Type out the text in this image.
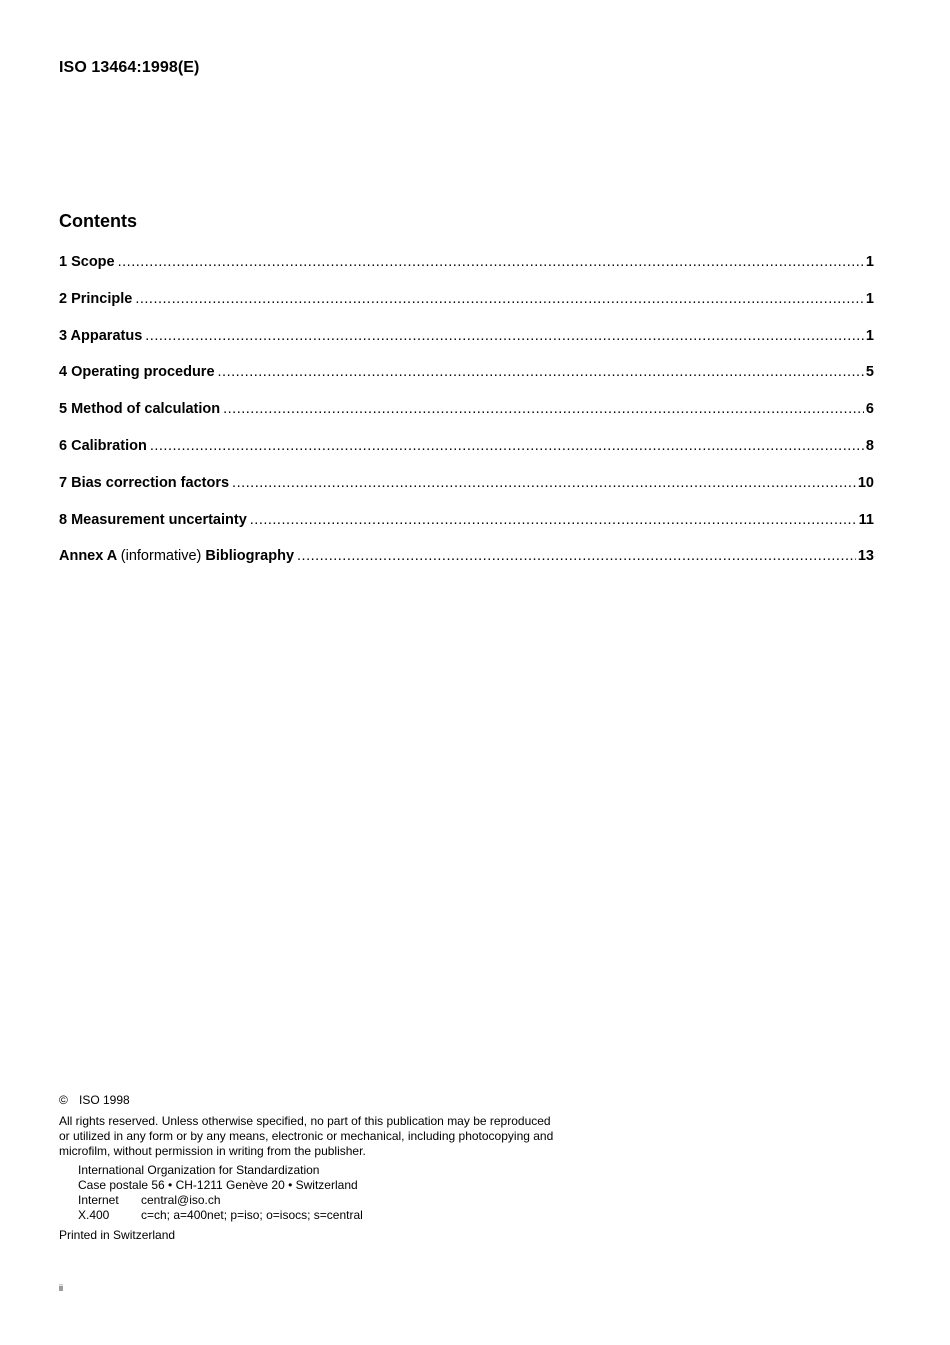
ISO 13464:1998(E)
Contents
1 Scope .....	1
2 Principle .....	1
3 Apparatus .....	1
4 Operating procedure .....	5
5 Method of calculation .....	6
6 Calibration .....	8
7 Bias correction factors .....	10
8 Measurement uncertainty .....	11
Annex A (informative) Bibliography .....	13
© ISO 1998
All rights reserved. Unless otherwise specified, no part of this publication may be reproduced
or utilized in any form or by any means, electronic or mechanical, including photocopying and
microfilm, without permission in writing from the publisher.
International Organization for Standardization
Case postale 56 • CH-1211 Genève 20 • Switzerland
Internet	central@iso.ch
X.400	c=ch; a=400net; p=iso; o=isocs; s=central
Printed in Switzerland
ii
